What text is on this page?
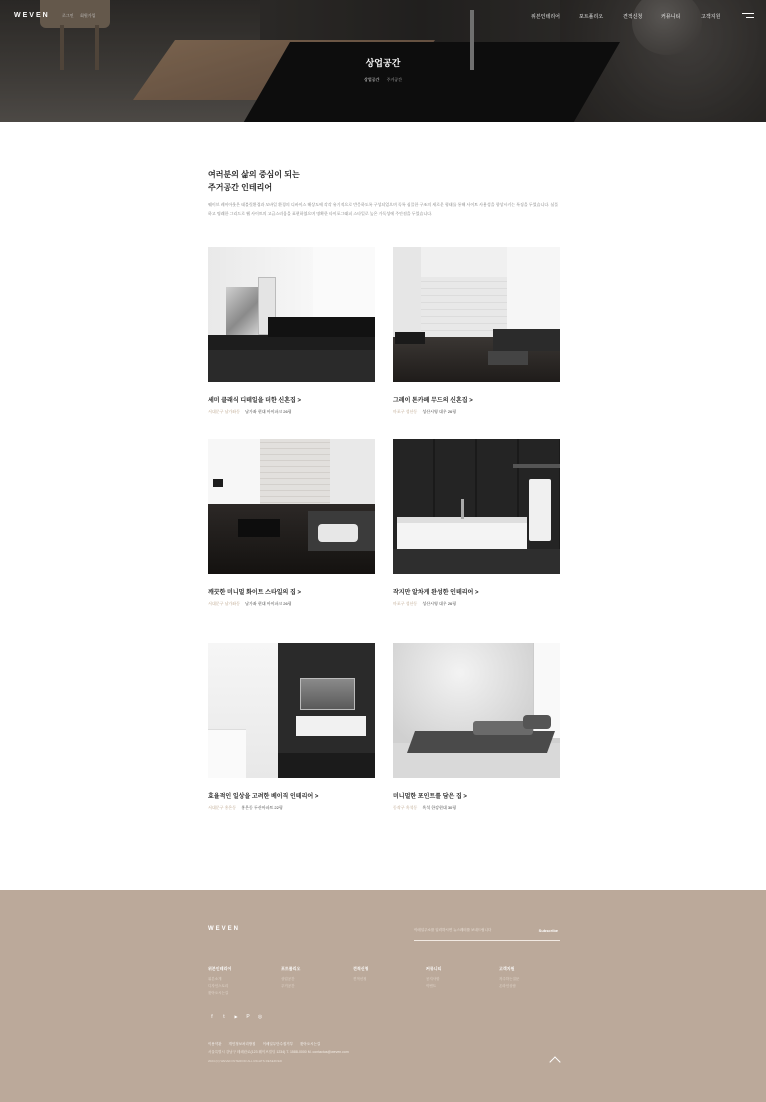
WEVEN	로그인 회원가입	위븐인테리어	포트폴리오	견적신청	커뮤니티	고객지원
상업공간
상업공간 주거공간
여러분의 삶의 중심이 되는
주거공간 인테리어
웨이브 레이아웃은 태블릿환경과 모바일 환경의 디바이스 해상도에 각각 유기적으로 반응하도록 구성되었으며 독특 심플한 구조의 새로운 형태를 통해 사이트 사용성을 향상시키는 특징을 두었습니다. 심플하고 명쾌한 그리드로 웹 사이트의 고급스러움을 표현하였으며 명확한 타이포그래피 스타일로 높은 가독성에 주안점을 두었습니다.
세미 클래식 디테일을 더한 신혼집 >
서대문구 남가좌동 남가좌 현대 아이파크 26평
그레이 톤카페 무드의 신혼집 >
마포구 성산동 성산시영 대우 26평
깨끗한 미니멀 화이트 스타일의 집 >
서대문구 남가좌동 남가좌 현대 아이파크 26평
작지만 알차게 완성한 인테리어 >
마포구 성산동 성산시영 대우 26평
효율적인 일상을 고려한 베이직 인테리어 >
서대문구 홍은동 홍은동 두산아파트 22평
미니멀한 포인트를 담은 집 >
동작구 흑석동 흑석 한강현대 30평
WEVEN	이메일주소를 입력하시면 뉴스레터를 보내드립니다	Subscribe
위븐인테리어
위븐소개
디자인스토리
찾아오시는길
포트폴리오
상업공간
주거공간
견적신청
견적신청
커뮤니티
공지사항
이벤트
고객지원
자주하는질문
온라인상담
f	t	▶	P	◎
이용약관 개인정보처리방침 이메일무단수집거부 찾아오시는길
서울특별시 강남구 테헤란로(123 웨이브빌딩 1234) T. 1588-0000 M. contactus@weven.com
2024 (C) WEVEN INTERIOR ALL RIGHTS RESERVED
